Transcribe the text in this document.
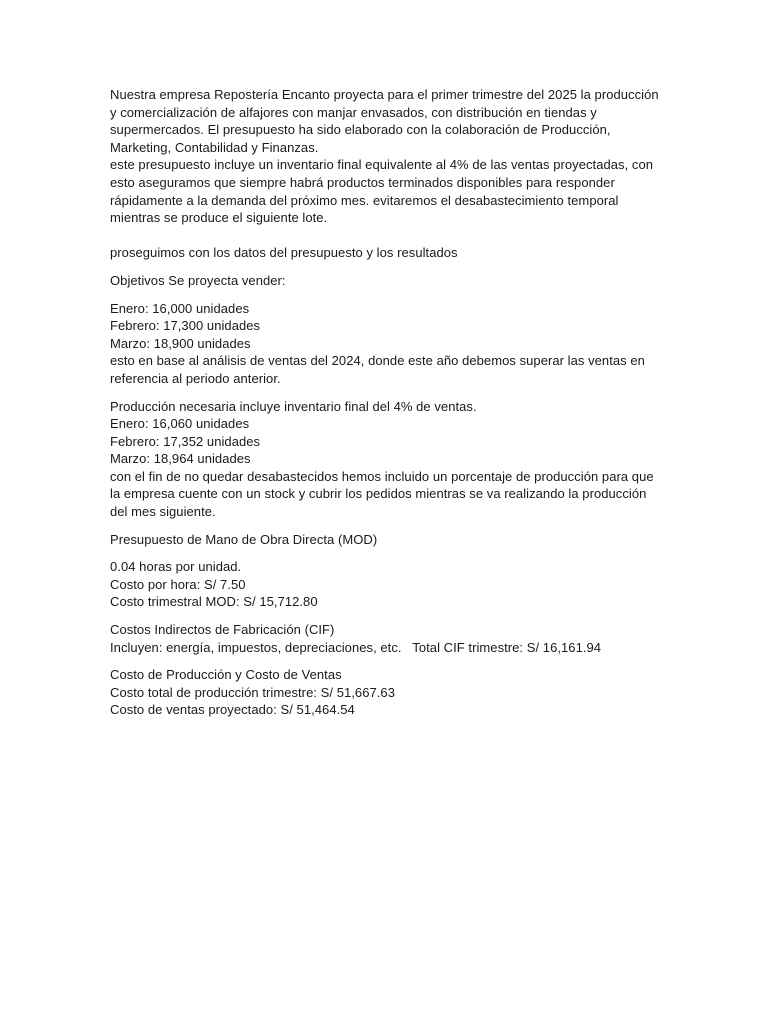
Nuestra empresa Repostería Encanto proyecta para el primer trimestre del 2025 la producción
y comercialización de alfajores con manjar envasados, con distribución en tiendas y
supermercados. El presupuesto ha sido elaborado con la colaboración de Producción,
Marketing, Contabilidad y Finanzas.
este presupuesto incluye un inventario final equivalente al 4% de las ventas proyectadas, con
esto aseguramos que siempre habrá productos terminados disponibles para responder
rápidamente a la demanda del próximo mes. evitaremos el desabastecimiento temporal
mientras se produce el siguiente lote.

proseguimos con los datos del presupuesto y los resultados

Objetivos Se proyecta vender:

Enero: 16,000 unidades
Febrero: 17,300 unidades
Marzo: 18,900 unidades
esto en base al análisis de ventas del 2024, donde este año debemos superar las ventas en
referencia al periodo anterior.
Producción necesaria incluye inventario final del 4% de ventas.
Enero: 16,060 unidades
Febrero: 17,352 unidades
Marzo: 18,964 unidades
con el fin de no quedar desabastecidos hemos incluido un porcentaje de producción para que
la empresa cuente con un stock y cubrir los pedidos mientras se va realizando la producción
del mes siguiente.

Presupuesto de Mano de Obra Directa (MOD)

0.04 horas por unidad.
Costo por hora: S/ 7.50
Costo trimestral MOD: S/ 15,712.80
Costos Indirectos de Fabricación (CIF)
Incluyen: energía, impuestos, depreciaciones, etc.   Total CIF trimestre: S/ 16,161.94
Costo de Producción y Costo de Ventas
Costo total de producción trimestre: S/ 51,667.63
Costo de ventas proyectado: S/ 51,464.54
